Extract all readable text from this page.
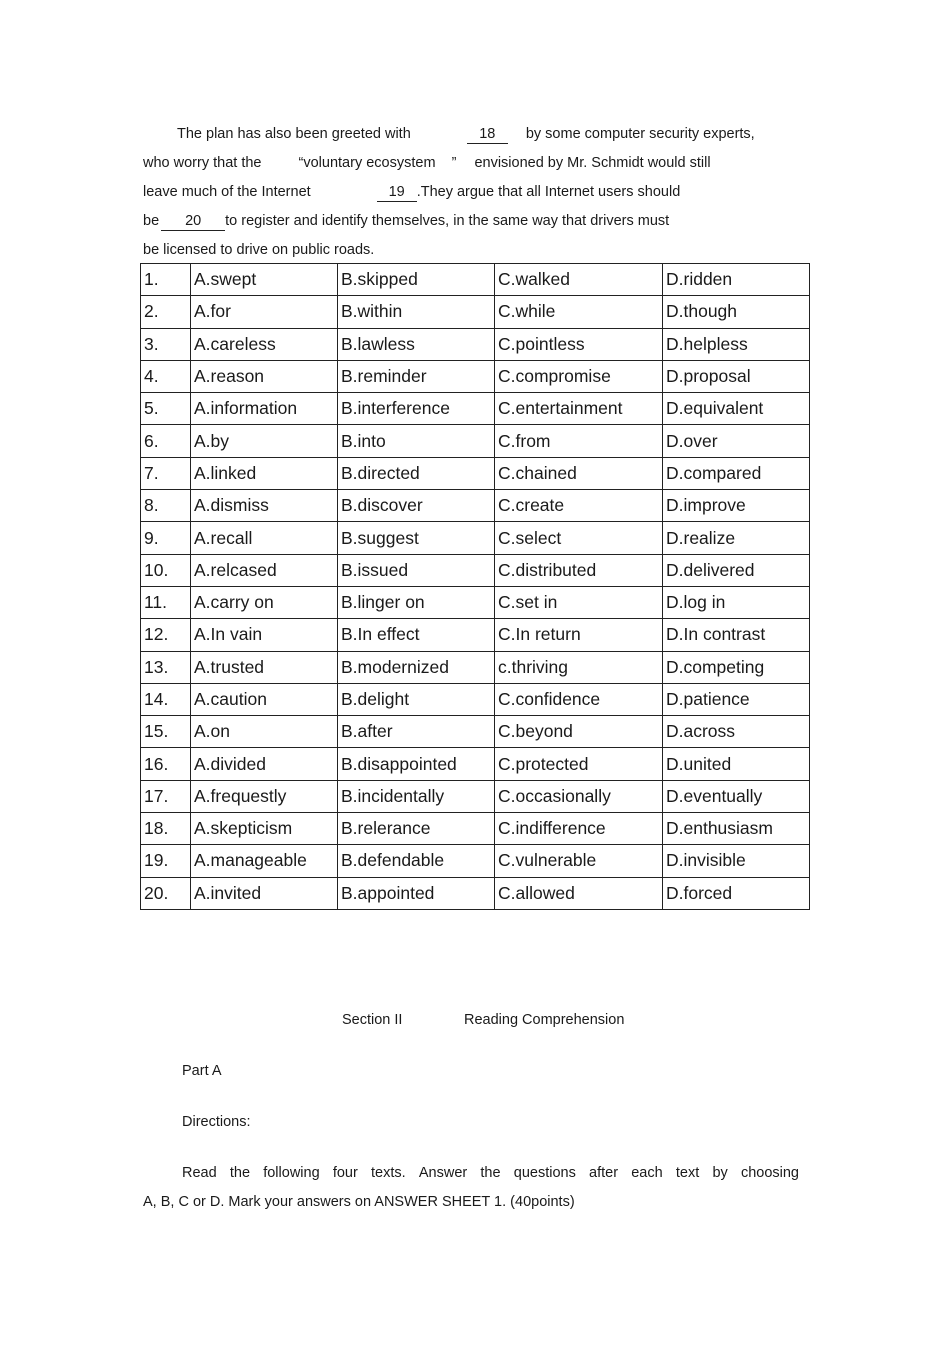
The plan has also been greeted with	18 by some computer security experts,
who worry that the	“voluntary ecosystem ” envisioned by Mr. Schmidt would still
leave much of the Internet	19 .They argue that all Internet users should
be 20 to register and identify themselves, in the same way that drivers must
be licensed to drive on public roads.
1.	A.swept	B.skipped	C.walked	D.ridden
2.	A.for	B.within	C.while	D.though
3.	A.careless	B.lawless	C.pointless	D.helpless
4.	A.reason	B.reminder	C.compromise	D.proposal
5.	A.information	B.interference	C.entertainment	D.equivalent
6.	A.by	B.into	C.from	D.over
7.	A.linked	B.directed	C.chained	D.compared
8.	A.dismiss	B.discover	C.create	D.improve
9.	A.recall	B.suggest	C.select	D.realize
10.	A.relcased	B.issued	C.distributed	D.delivered
11.	A.carry on	B.linger on	C.set in	D.log in
12.	A.In vain	B.In effect	C.In return	D.In contrast
13.	A.trusted	B.modernized	c.thriving	D.competing
14.	A.caution	B.delight	C.confidence	D.patience
15.	A.on	B.after	C.beyond	D.across
16.	A.divided	B.disappointed	C.protected	D.united
17.	A.frequestly	B.incidentally	C.occasionally	D.eventually
18.	A.skepticism	B.relerance	C.indifference	D.enthusiasm
19.	A.manageable	B.defendable	C.vulnerable	D.invisible
20.	A.invited	B.appointed	C.allowed	D.forced
Section II	Reading Comprehension
Part A
Directions:
Read the following four texts. Answer the questions after each text by choosing
A, B, C or D. Mark your answers on ANSWER SHEET 1. (40points)
